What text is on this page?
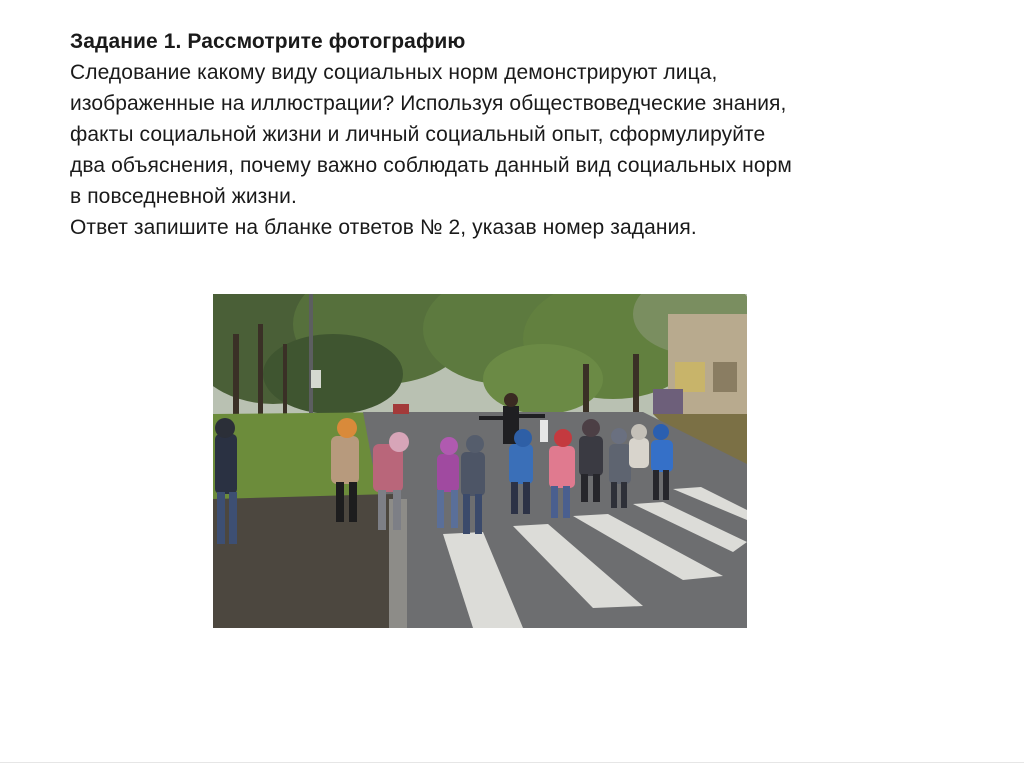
Задание 1. Рассмотрите фотографию
Следование какому виду социальных норм демонстрируют лица,
изображенные на иллюстрации? Используя обществоведческие знания,
факты социальной жизни и личный социальный опыт, сформулируйте
два объяснения, почему важно соблюдать данный вид социальных норм
в повседневной жизни.
Ответ запишите на бланке ответов № 2, указав номер задания.
